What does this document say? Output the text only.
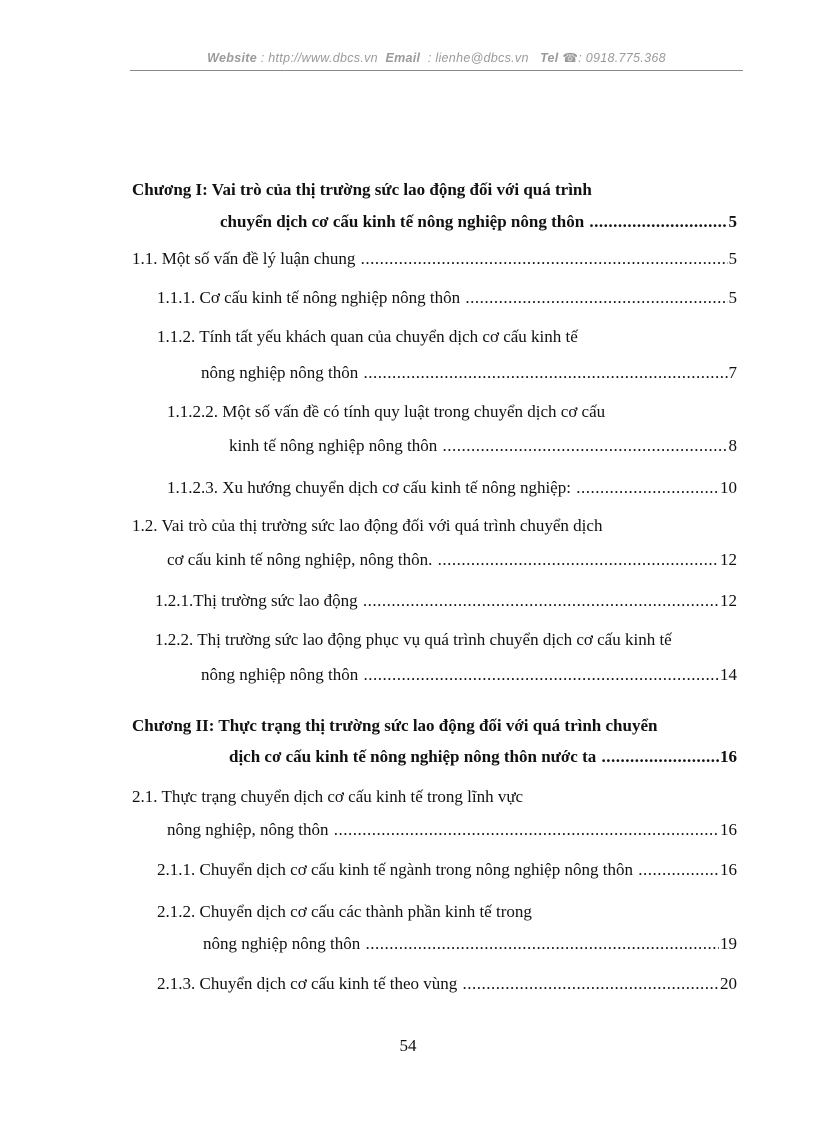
Website : http://www.dbcs.vn Email : lienhe@dbcs.vn Tel ☎: 0918.775.368
Chương I: Vai trò của thị trường sức lao động đối với quá trình
chuyển dịch cơ cấu kinh tế nông nghiệp nông thôn	5
.....
1.1. Một số vấn đề lý luận chung	5
.....
1.1.1. Cơ cấu kinh tế nông nghiệp nông thôn	5
.....
1.1.2. Tính tất yếu khách quan của chuyển dịch cơ cấu kinh tế
nông nghiệp nông thôn	7
.....
1.1.2.2. Một số vấn đề có tính quy luật trong chuyển dịch cơ cấu
kinh tế nông nghiệp nông thôn	8
.....
1.1.2.3. Xu hướng chuyển dịch cơ cấu kinh tế nông nghiệp:	10
.....
1.2. Vai trò của thị trường sức lao động đối với quá trình chuyển dịch
cơ cấu kinh tế nông nghiệp, nông thôn.	12
.....
1.2.1.Thị trường sức lao động	12
.....
1.2.2. Thị trường sức lao động phục vụ quá trình chuyển dịch cơ cấu kinh tế
nông nghiệp nông thôn	14
.....
Chương II: Thực trạng thị trường sức lao động đối với quá trình chuyển
dịch cơ cấu kinh tế nông nghiệp nông thôn nước ta	16
.....
2.1. Thực trạng chuyển dịch cơ cấu kinh tế trong lĩnh vực
nông nghiệp, nông thôn	16
.....
2.1.1. Chuyển dịch cơ cấu kinh tế ngành trong nông nghiệp nông thôn	16
.....
2.1.2. Chuyển dịch cơ cấu các thành phần kinh tế trong
nông nghiệp nông thôn	19
.....
2.1.3. Chuyển dịch cơ cấu kinh tế theo vùng	20
.....
54
